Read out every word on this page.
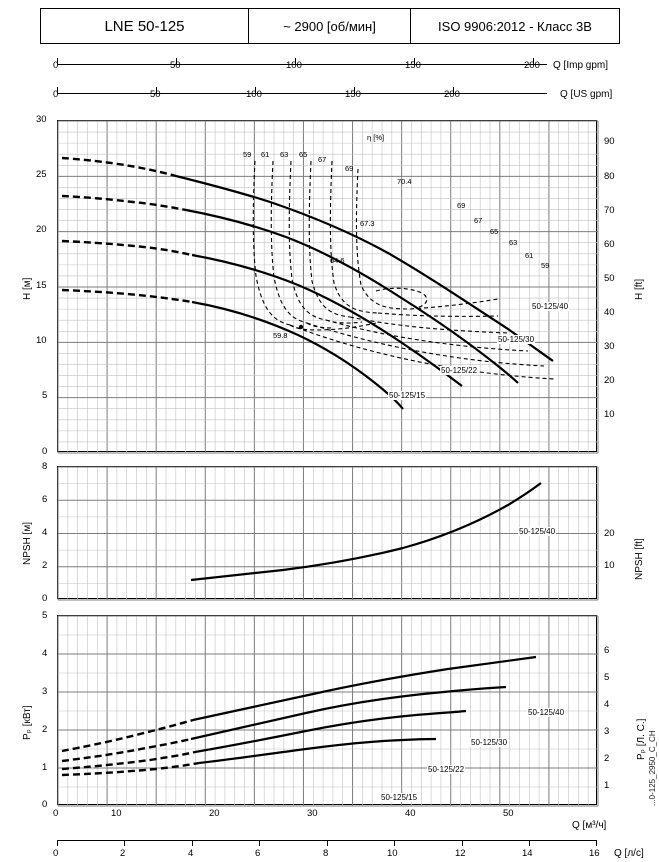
LNE 50-125	~ 2900 [об/мин]	ISO 9906:2012 - Класс 3B
0	50	100	150	200 Q [Imp gpm]
0	50	100	150	200	Q [US gpm]
30
25
20
15
10
5
0
H [м]
90
80
70
60
50
40
30
20
10
H [ft]
η [%]
59 61 63 65
67
69
70.4
67.3
64.6
59.8
69
67
65
63
61
59
50-125/40
50-125/30
50-125/22
50-125/15
8
6
4
2
0
NPSH [м]	20
10 NPSH [ft]
50-125/40
5
4
3
2
1
0
Pₚ [кВт]
6
5
4
3
2
1
Pₚ [Л. С.]
50-125/40
50-125/30
50-125/22
50-125/15
0	10	20	30	40	50
Q [м³/ч]
0	2	4	6	8	10	12	14	16 Q [л/с]
...0-125_2950_C_CH
